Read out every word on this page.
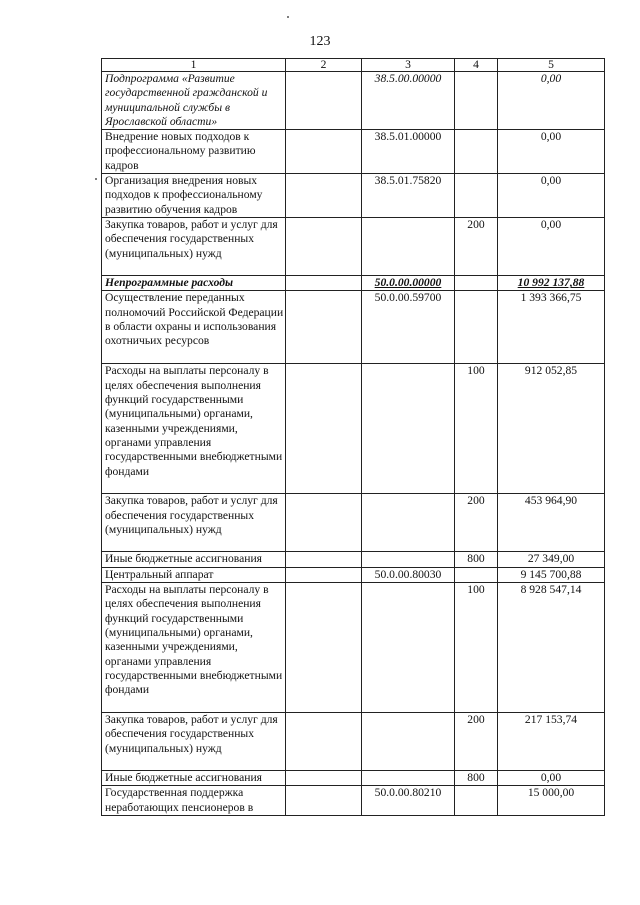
123
1	2	3	4	5
Подпрограмма «Развитие государственной гражданской и муниципальной службы в Ярославской области»		38.5.00.00000		0,00
Внедрение новых подходов к профессиональному развитию кадров		38.5.01.00000		0,00
Организация внедрения новых подходов к профессиональному развитию обучения кадров		38.5.01.75820		0,00
Закупка товаров, работ и услуг для обеспечения государственных (муниципальных) нужд			200	0,00
Непрограммные расходы		50.0.00.00000		10 992 137,88
Осуществление переданных полномочий Российской Федерации в области охраны и использования охотничьих ресурсов		50.0.00.59700		1 393 366,75
Расходы на выплаты персоналу в целях обеспечения выполнения функций государственными (муниципальными) органами, казенными учреждениями, органами управления государственными внебюджетными фондами			100	912 052,85
Закупка товаров, работ и услуг для обеспечения государственных (муниципальных) нужд			200	453 964,90
Иные бюджетные ассигнования			800	27 349,00
Центральный аппарат		50.0.00.80030		9 145 700,88
Расходы на выплаты персоналу в целях обеспечения выполнения функций государственными (муниципальными) органами, казенными учреждениями, органами управления государственными внебюджетными фондами			100	8 928 547,14
Закупка товаров, работ и услуг для обеспечения государственных (муниципальных) нужд			200	217 153,74
Иные бюджетные ассигнования			800	0,00
Государственная поддержка неработающих пенсионеров в		50.0.00.80210		15 000,00
